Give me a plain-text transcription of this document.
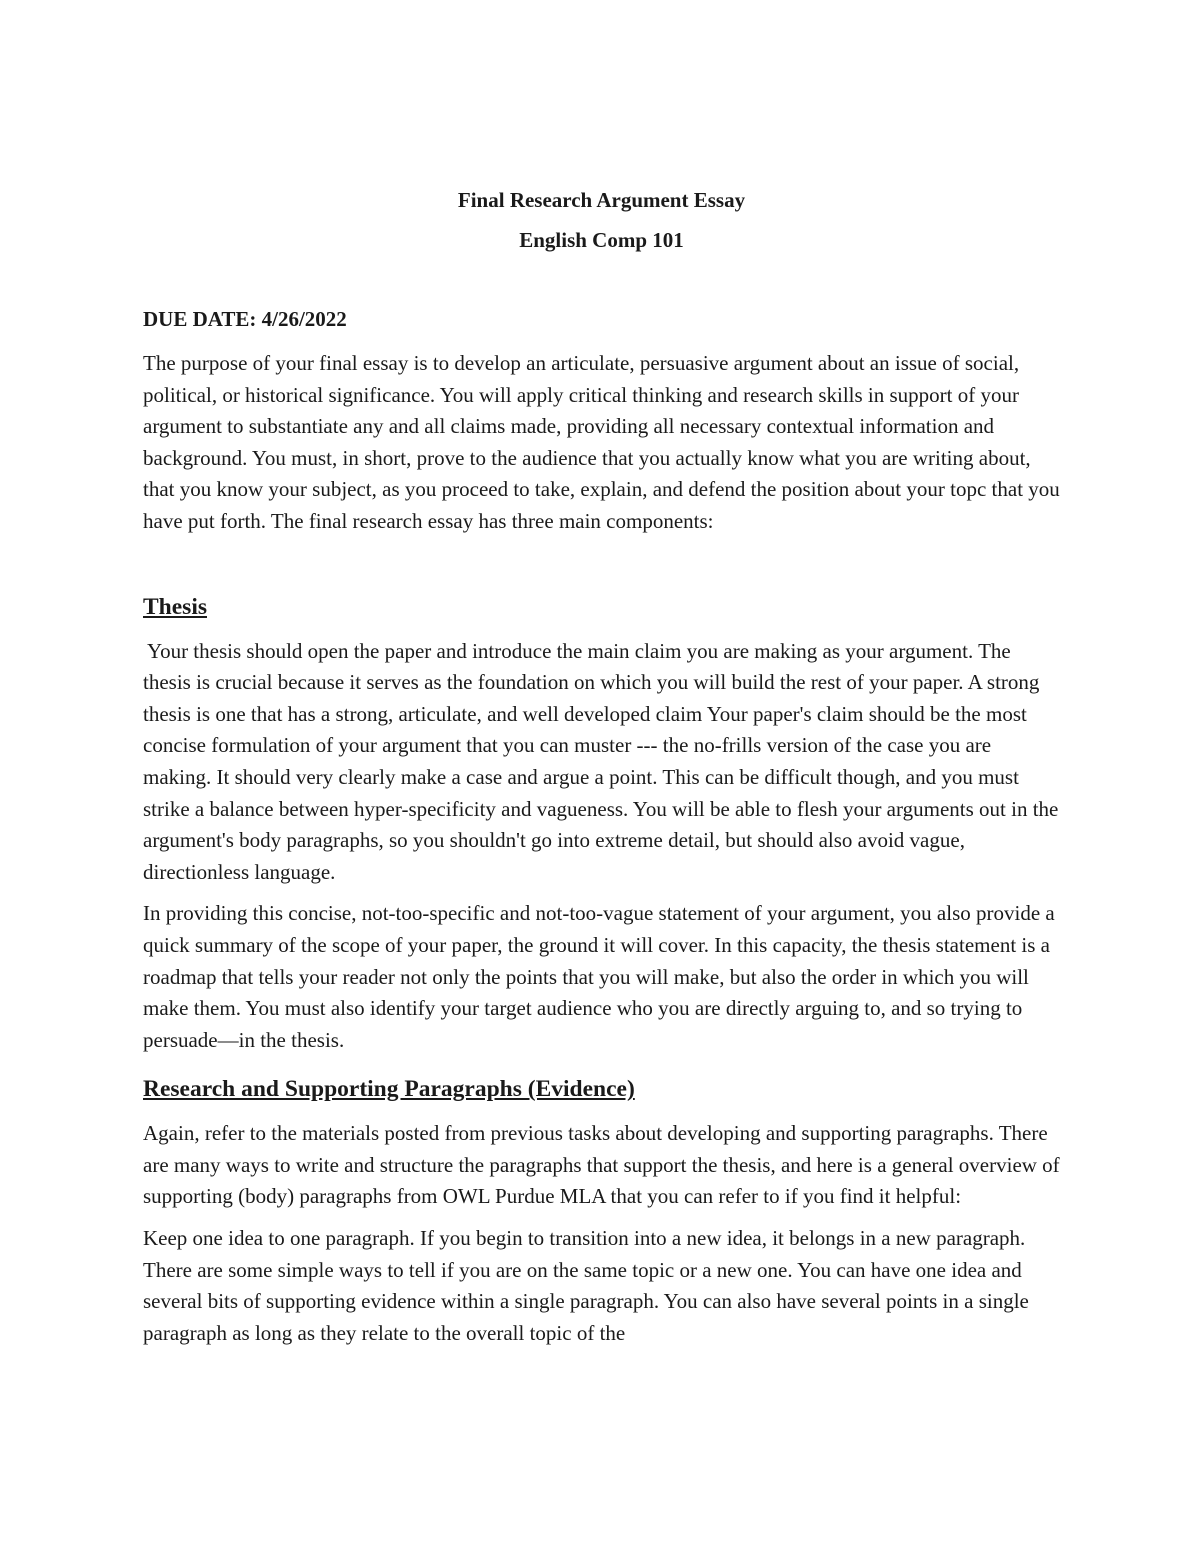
Final Research Argument Essay
English Comp 101
DUE DATE: 4/26/2022

The purpose of your final essay is to develop an articulate, persuasive argument about an issue of social, political, or historical significance. You will apply critical thinking and research skills in support of your argument to substantiate any and all claims made, providing all necessary contextual information and background. You must, in short, prove to the audience that you actually know what you are writing about, that you know your subject, as you proceed to take, explain, and defend the position about your topc that you have put forth. The final research essay has three main components:

Thesis

Your thesis should open the paper and introduce the main claim you are making as your argument. The thesis is crucial because it serves as the foundation on which you will build the rest of your paper. A strong thesis is one that has a strong, articulate, and well developed claim Your paper's claim should be the most concise formulation of your argument that you can muster --- the no-frills version of the case you are making. It should very clearly make a case and argue a point. This can be difficult though, and you must strike a balance between hyper-specificity and vagueness. You will be able to flesh your arguments out in the argument's body paragraphs, so you shouldn't go into extreme detail, but should also avoid vague, directionless language.

In providing this concise, not-too-specific and not-too-vague statement of your argument, you also provide a quick summary of the scope of your paper, the ground it will cover. In this capacity, the thesis statement is a roadmap that tells your reader not only the points that you will make, but also the order in which you will make them. You must also identify your target audience who you are directly arguing to, and so trying to persuade—in the thesis.

Research and Supporting Paragraphs (Evidence)

Again, refer to the materials posted from previous tasks about developing and supporting paragraphs. There are many ways to write and structure the paragraphs that support the thesis, and here is a general overview of supporting (body) paragraphs from OWL Purdue MLA that you can refer to if you find it helpful:

Keep one idea to one paragraph. If you begin to transition into a new idea, it belongs in a new paragraph. There are some simple ways to tell if you are on the same topic or a new one. You can have one idea and several bits of supporting evidence within a single paragraph. You can also have several points in a single paragraph as long as they relate to the overall topic of the
